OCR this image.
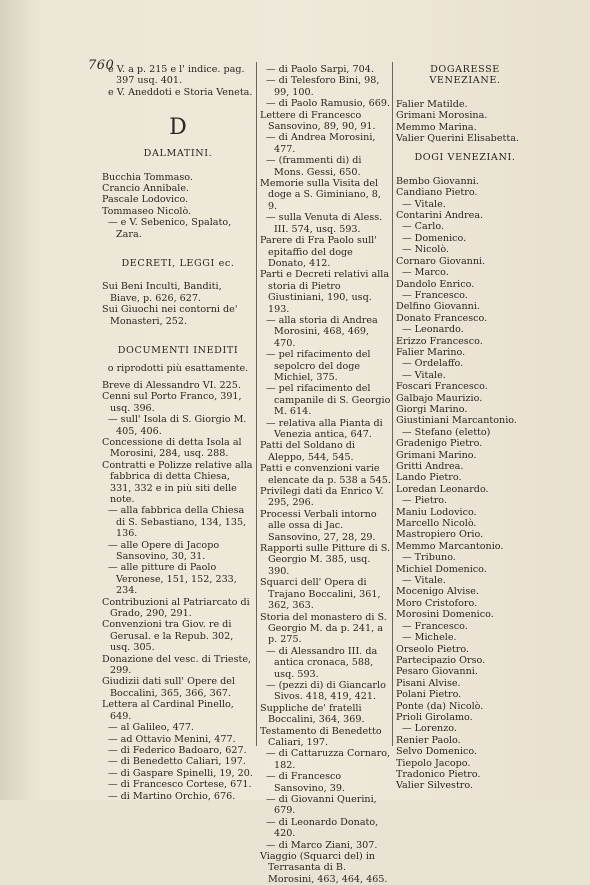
760
e V. a p. 215 e l' indice. pag. 397 usq. 401.
e V. Aneddoti e Storia Veneta.
D
DALMATINI.
Bucchia Tommaso.
Crancio Annibale.
Pascale Lodovico.
Tommaseo Nicolò.
— e V. Sebenico, Spalato, Zara.
DECRETI, LEGGI ec.
Sui Beni Inculti, Banditi, Biave, p. 626, 627.
Sui Giuochi nei contorni de' Monasteri, 252.
DOCUMENTI INEDITI
o riprodotti più esattamente.
Breve di Alessandro VI. 225.
Cenni sul Porto Franco, 391, usq. 396.
— sull' Isola di S. Giorgio M. 405, 406.
Concessione di detta Isola al Morosini, 284, usq. 288.
Contratti e Polizze relative alla fabbrica di detta Chiesa, 331, 332 e in più siti delle note.
— alla fabbrica della Chiesa di S. Sebastiano, 134, 135, 136.
— alle Opere di Jacopo Sansovino, 30, 31.
— alle pitture di Paolo Veronese, 151, 152, 233, 234.
Contribuzioni al Patriarcato di Grado, 290, 291.
Convenzioni tra Giov. re di Gerusal. e la Repub. 302, usq. 305.
Donazione del vesc. di Trieste, 299.
Giudizii dati sull' Opere del Boccalini, 365, 366, 367.
Lettera al Cardinal Pinello, 649.
— al Galileo, 477.
— ad Ottavio Menini, 477.
— di Federico Badoaro, 627.
— di Benedetto Caliari, 197.
— di Gaspare Spinelli, 19, 20.
— di Francesco Cortese, 671.
— di Martino Orchio, 676.
— di Paolo Sarpi, 704.
— di Telesforo Bini, 98, 99, 100.
— di Paolo Ramusio, 669.
Lettere di Francesco Sansovino, 89, 90, 91.
— di Andrea Morosini, 477.
— (frammenti di) di Mons. Gessi, 650.
Memorie sulla Visita del doge a S. Giminiano, 8, 9.
— sulla Venuta di Aless. III. 574, usq. 593.
Parere di Fra Paolo sull' epitaffio del doge Donato, 412.
Parti e Decreti relativi alla storia di Pietro Giustiniani, 190, usq. 193.
— alla storia di Andrea Morosini, 468, 469, 470.
— pel rifacimento del sepolcro del doge Michiel, 375.
— pel rifacimento del campanile di S. Georgio M. 614.
— relativa alla Pianta di Venezia antica, 647.
Patti del Soldano di Aleppo, 544, 545.
Patti e convenzioni varie elencate da p. 538 a 545.
Privilegi dati da Enrico V. 295, 296.
Processi Verbali intorno alle ossa di Jac. Sansovino, 27, 28, 29.
Rapporti sulle Pitture di S. Georgio M. 385, usq. 390.
Squarci dell' Opera di Trajano Boccalini, 361, 362, 363.
Storia del monastero di S. Georgio M. da p. 241, a p. 275.
— di Alessandro III. da antica cronaca, 588, usq. 593.
— (pezzi di) di Giancarlo Sivos. 418, 419, 421.
Suppliche de' fratelli Boccalini, 364, 369.
Testamento di Benedetto Caliari, 197.
— di Cattaruzza Cornaro, 182.
— di Francesco Sansovino, 39.
— di Giovanni Querini, 679.
— di Leonardo Donato, 420.
— di Marco Ziani, 307.
Viaggio (Squarci del) in Terrasanta di B. Morosini, 463, 464, 465.
DOGARESSE VENEZIANE.
Falier Matilde.
Grimani Morosina.
Memmo Marina.
Valier Querini Elisabetta.
DOGI VENEZIANI.
Bembo Giovanni.
Candiano Pietro.
— Vitale.
Contarini Andrea.
— Carlo.
— Domenico.
— Nicolò.
Cornaro Giovanni.
— Marco.
Dandolo Enrico.
— Francesco.
Delfino Giovanni.
Donato Francesco.
— Leonardo.
Erizzo Francesco.
Falier Marino.
— Ordelaffo.
— Vitale.
Foscari Francesco.
Galbajo Maurizio.
Giorgi Marino.
Giustiniani Marcantonio.
— Stefano (eletto)
Gradenigo Pietro.
Grimani Marino.
Gritti Andrea.
Lando Pietro.
Loredan Leonardo.
— Pietro.
Maniu Lodovico.
Marcello Nicolò.
Mastropiero Orio.
Memmo Marcantonio.
— Tribuno.
Michiel Domenico.
— Vitale.
Mocenigo Alvise.
Moro Cristoforo.
Morosini Domenico.
— Francesco.
— Michele.
Orseolo Pietro.
Partecipazio Orso.
Pesaro Giovanni.
Pisani Alvise.
Polani Pietro.
Ponte (da) Nicolò.
Prioli Girolamo.
— Lorenzo.
Renier Paolo.
Selvo Domenico.
Tiepolo Jacopo.
Tradonico Pietro.
Valier Silvestro.
